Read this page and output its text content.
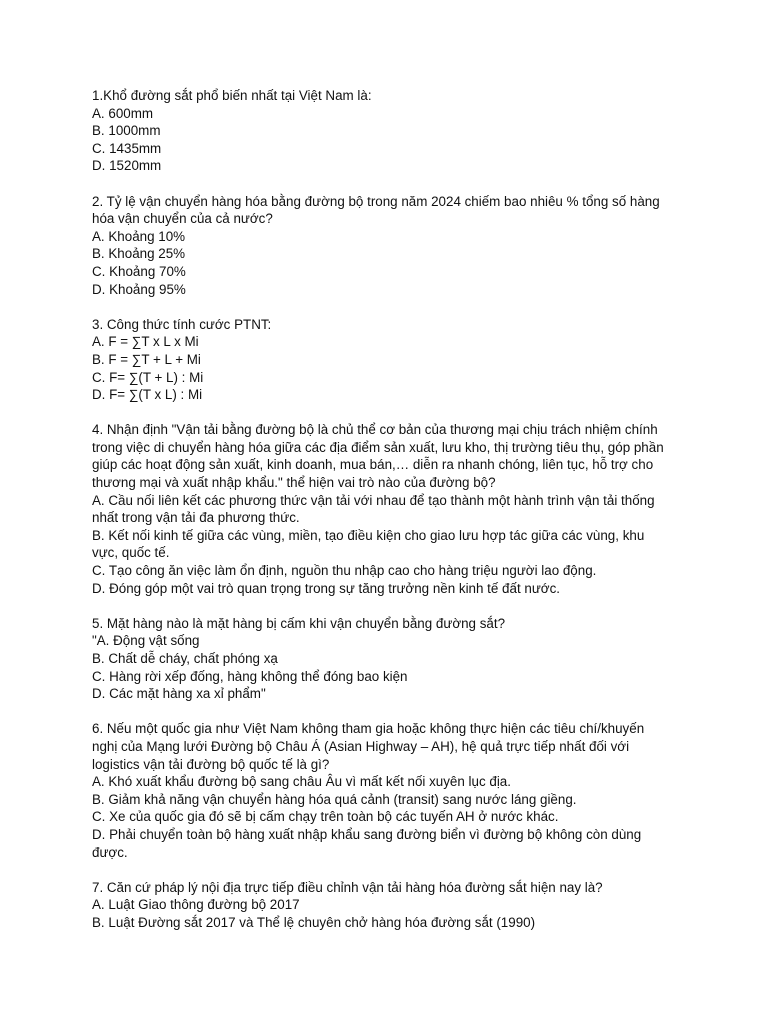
1.Khổ đường sắt phổ biến nhất tại Việt Nam là:
A. 600mm
B. 1000mm
C. 1435mm
D. 1520mm
2. Tỷ lệ vận chuyển hàng hóa bằng đường bộ trong năm 2024 chiếm bao nhiêu % tổng số hàng hóa vận chuyển của cả nước?
A. Khoảng 10%
B. Khoảng 25%
C. Khoảng 70%
D. Khoảng 95%
3. Công thức tính cước PTNT:
A. F = ∑T x L x Mi
B. F = ∑T + L + Mi
C. F= ∑(T + L) : Mi
D. F= ∑(T x L) : Mi
4. Nhận định "Vận tải bằng đường bộ là chủ thể cơ bản của thương mại chịu trách nhiệm chính trong việc di chuyển hàng hóa giữa các địa điểm sản xuất, lưu kho, thị trường tiêu thụ, góp phần giúp các hoạt động sản xuất, kinh doanh, mua bán,… diễn ra nhanh chóng, liên tục, hỗ trợ cho thương mại và xuất nhập khẩu." thể hiện vai trò nào của đường bộ?
A. Cầu nối liên kết các phương thức vận tải với nhau để tạo thành một hành trình vận tải thống nhất trong vận tải đa phương thức.
B. Kết nối kinh tế giữa các vùng, miền, tạo điều kiện cho giao lưu hợp tác giữa các vùng, khu vực, quốc tế.
C. Tạo công ăn việc làm ổn định, nguồn thu nhập cao cho hàng triệu người lao động.
D. Đóng góp một vai trò quan trọng trong sự tăng trưởng nền kinh tế đất nước.
5. Mặt hàng nào là mặt hàng bị cấm khi vận chuyển bằng đường sắt?
"A. Động vật sống
B. Chất dễ cháy, chất phóng xạ
C. Hàng rời xếp đống, hàng không thể đóng bao kiện
D. Các mặt hàng xa xỉ phẩm"
6. Nếu một quốc gia như Việt Nam không tham gia hoặc không thực hiện các tiêu chí/khuyến nghị của Mạng lưới Đường bộ Châu Á (Asian Highway – AH), hệ quả trực tiếp nhất đối với logistics vận tải đường bộ quốc tế là gì?
A. Khó xuất khẩu đường bộ sang châu Âu vì mất kết nối xuyên lục địa.
B. Giảm khả năng vận chuyển hàng hóa quá cảnh (transit) sang nước láng giềng.
C. Xe của quốc gia đó sẽ bị cấm chạy trên toàn bộ các tuyến AH ở nước khác.
D. Phải chuyển toàn bộ hàng xuất nhập khẩu sang đường biển vì đường bộ không còn dùng được.
7. Căn cứ pháp lý nội địa trực tiếp điều chỉnh vận tải hàng hóa đường sắt hiện nay là?
A. Luật Giao thông đường bộ 2017
B. Luật Đường sắt 2017 và Thể lệ chuyên chở hàng hóa đường sắt (1990)
